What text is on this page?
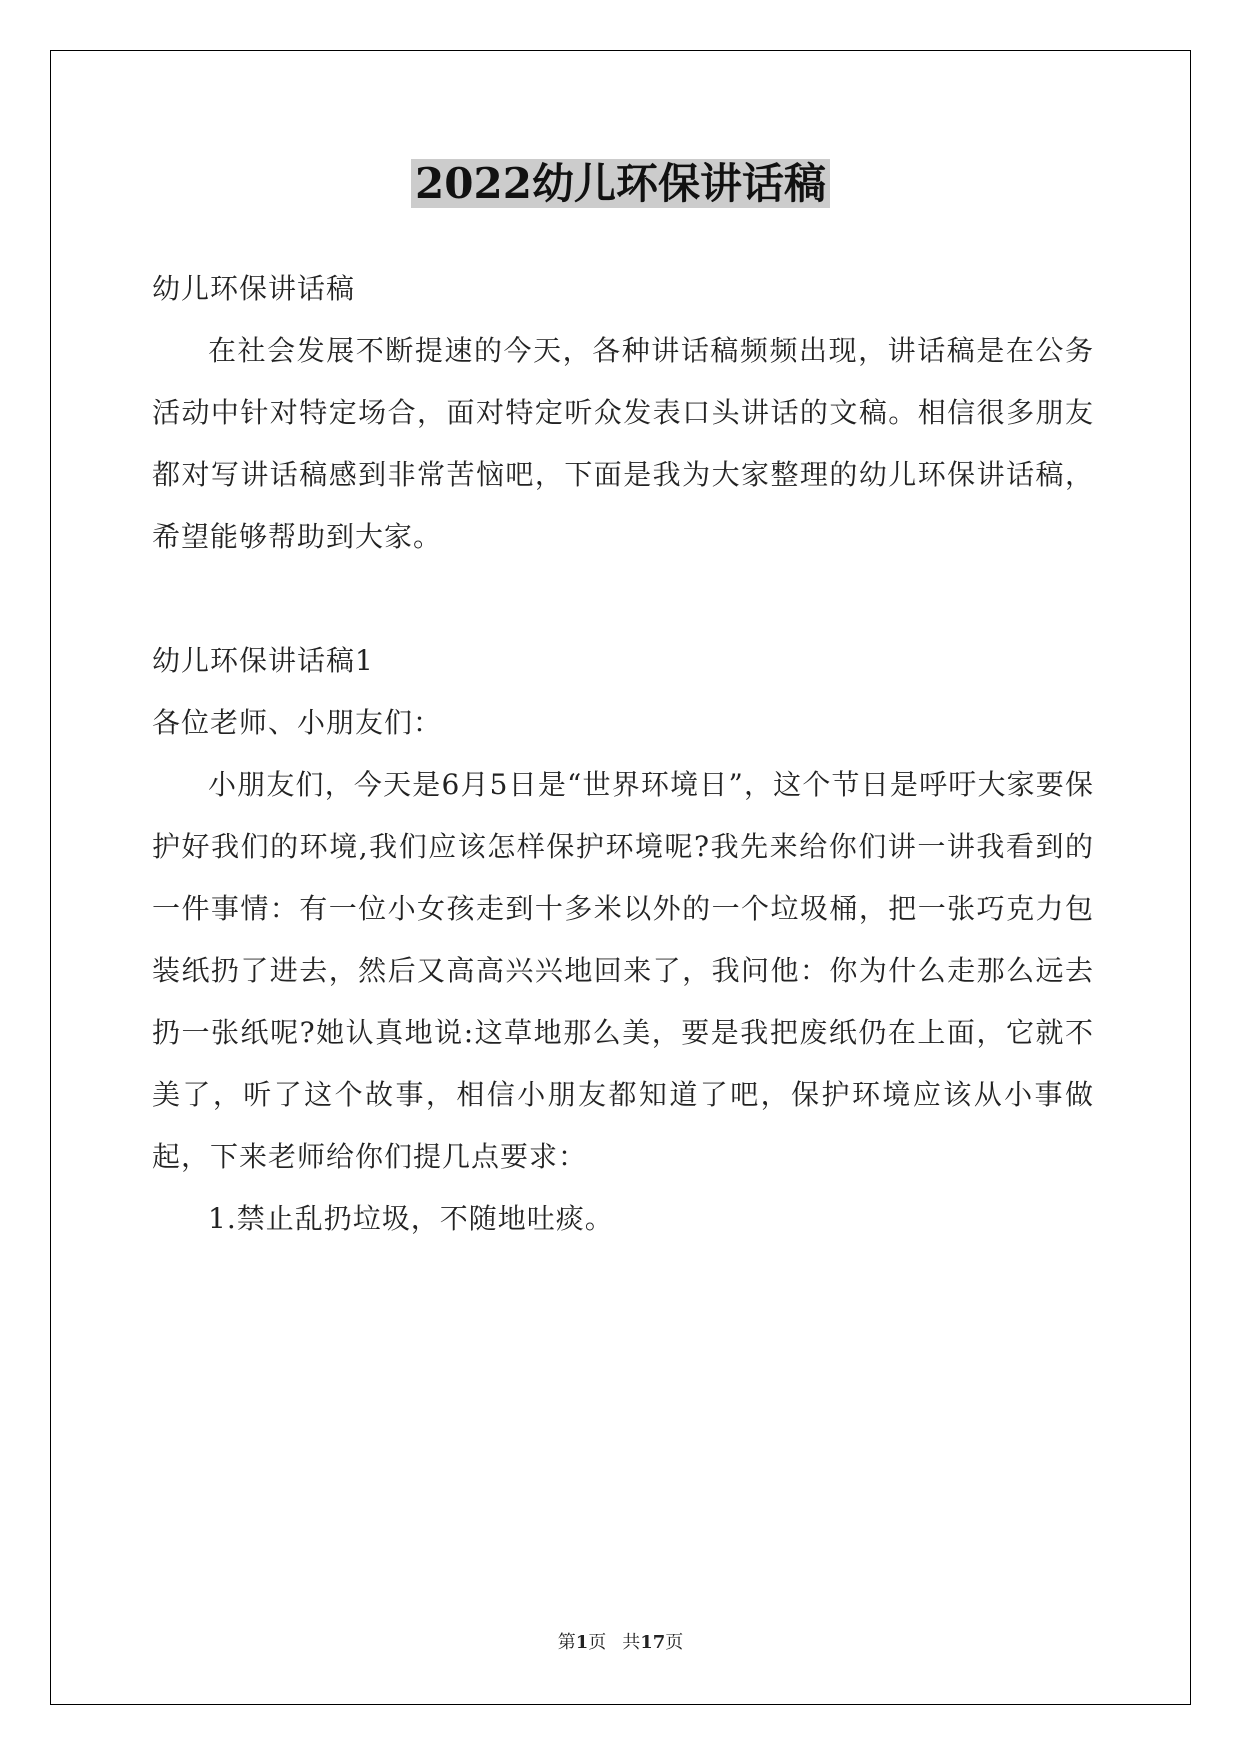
2022幼儿环保讲话稿

幼儿环保讲话稿

在社会发展不断提速的今天，各种讲话稿频频出现，讲话稿是在公务活动中针对特定场合，面对特定听众发表口头讲话的文稿。相信很多朋友都对写讲话稿感到非常苦恼吧，下面是我为大家整理的幼儿环保讲话稿，希望能够帮助到大家。

幼儿环保讲话稿1

各位老师、小朋友们：

小朋友们，今天是6月5日是“世界环境日”，这个节日是呼吁大家要保护好我们的环境,我们应该怎样保护环境呢?我先来给你们讲一讲我看到的一件事情：有一位小女孩走到十多米以外的一个垃圾桶，把一张巧克力包装纸扔了进去，然后又高高兴兴地回来了，我问他：你为什么走那么远去扔一张纸呢?她认真地说:这草地那么美，要是我把废纸仍在上面，它就不美了，听了这个故事，相信小朋友都知道了吧，保护环境应该从小事做起，下来老师给你们提几点要求：

1.禁止乱扔垃圾，不随地吐痰。

第1页 共17页
